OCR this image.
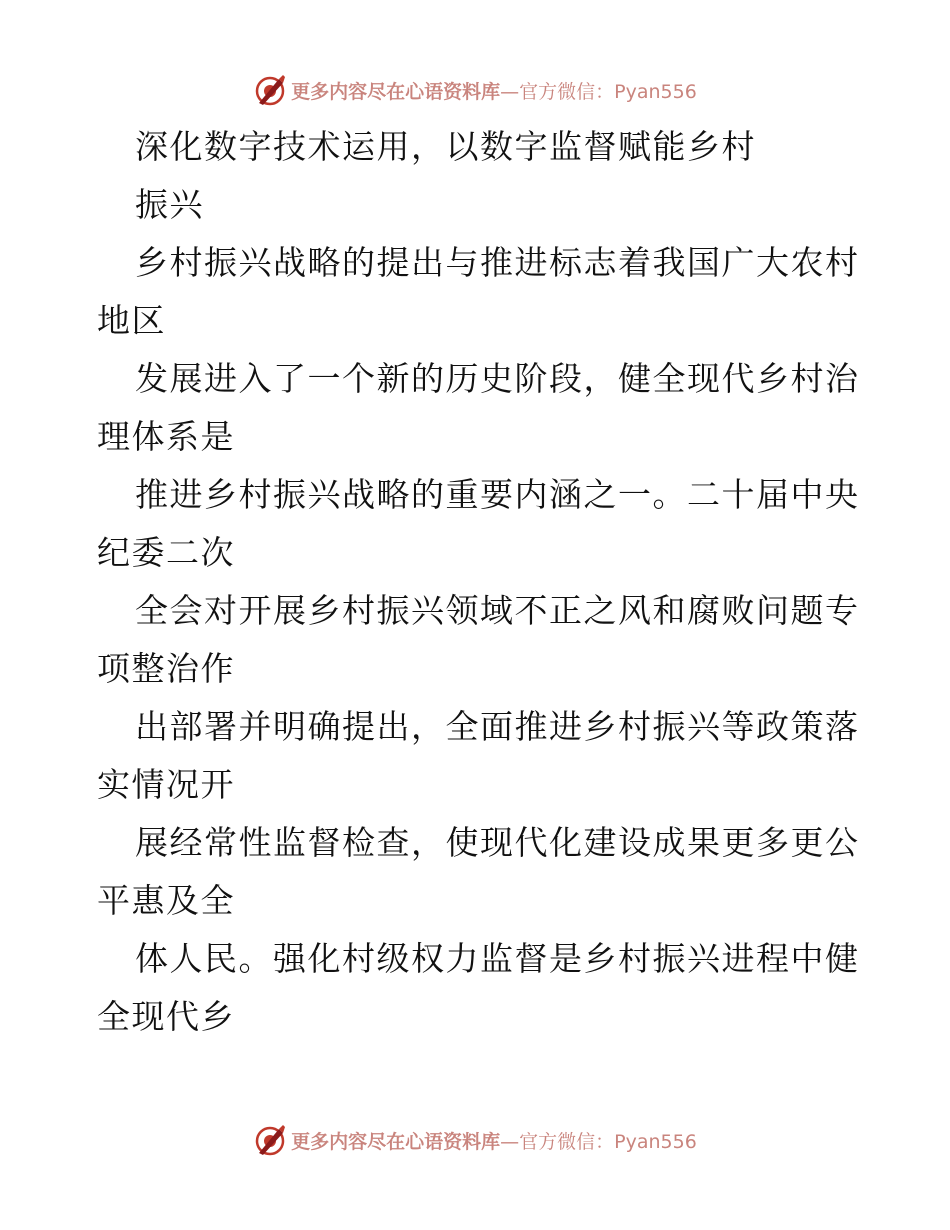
更多内容尽在心语资料库 —官方微信：Pyan556
深化数字技术运用，以数字监督赋能乡村
振兴
乡村振兴战略的提出与推进标志着我国广大农村
地区
发展进入了一个新的历史阶段，健全现代乡村治
理体系是
推进乡村振兴战略的重要内涵之一。二十届中央
纪委二次
全会对开展乡村振兴领域不正之风和腐败问题专
项整治作
出部署并明确提出，全面推进乡村振兴等政策落
实情况开
展经常性监督检查，使现代化建设成果更多更公
平惠及全
体人民。强化村级权力监督是乡村振兴进程中健
全现代乡
更多内容尽在心语资料库 —官方微信：Pyan556
